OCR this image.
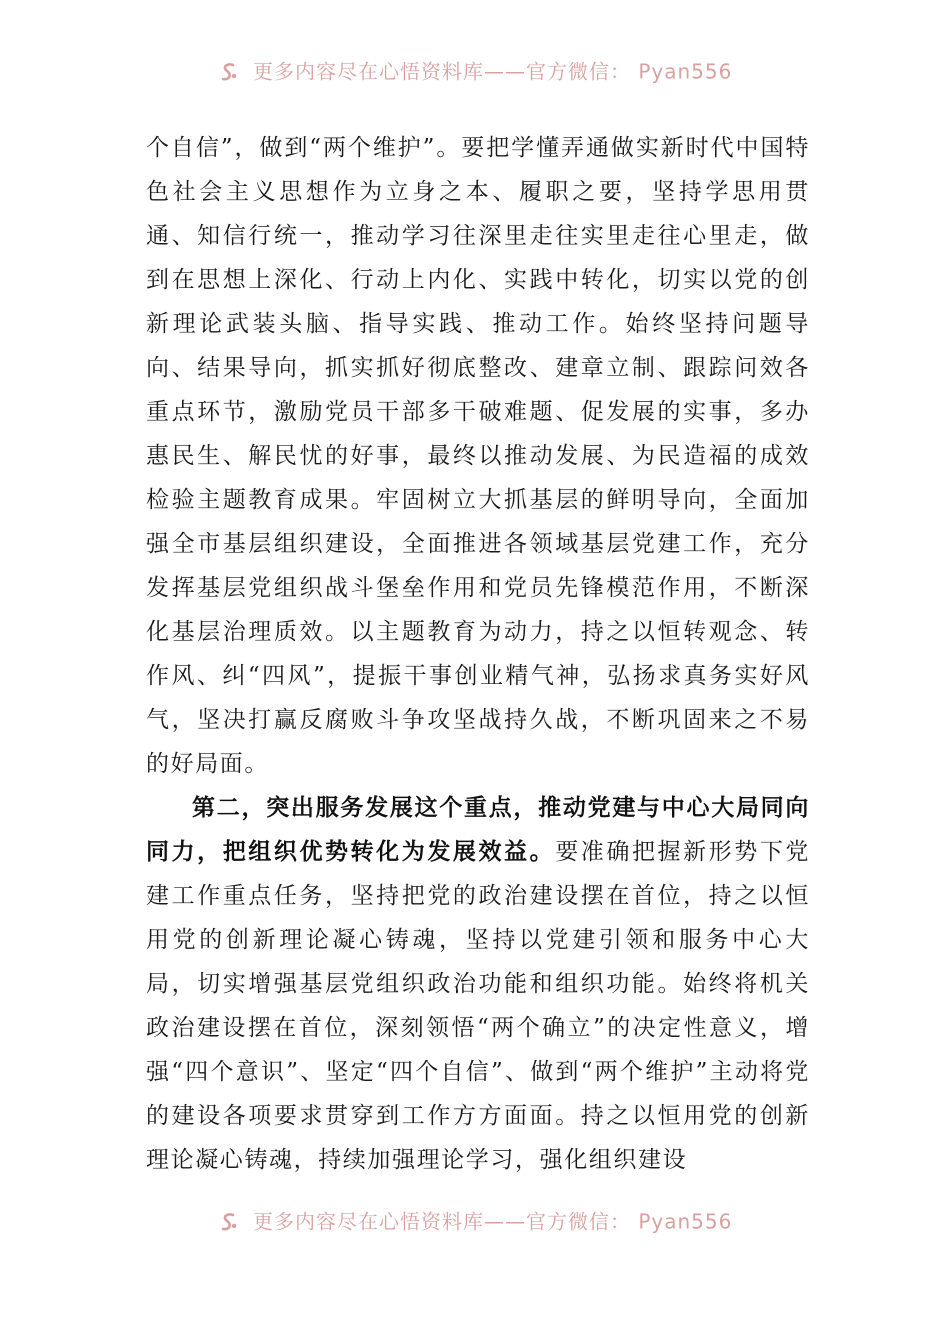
更多内容尽在心悟资料库——官方微信： Pyan556

个自信”，做到“两个维护”。要把学懂弄通做实新时代中国特色社会主义思想作为立身之本、履职之要，坚持学思用贯通、知信行统一，推动学习往深里走往实里走往心里走，做到在思想上深化、行动上内化、实践中转化，切实以党的创新理论武装头脑、指导实践、推动工作。始终坚持问题导向、结果导向，抓实抓好彻底整改、建章立制、跟踪问效各重点环节，激励党员干部多干破难题、促发展的实事，多办惠民生、解民忧的好事，最终以推动发展、为民造福的成效检验主题教育成果。牢固树立大抓基层的鲜明导向，全面加强全市基层组织建设，全面推进各领域基层党建工作，充分发挥基层党组织战斗堡垒作用和党员先锋模范作用，不断深化基层治理质效。以主题教育为动力，持之以恒转观念、转作风、纠“四风”，提振干事创业精气神，弘扬求真务实好风气，坚决打赢反腐败斗争攻坚战持久战，不断巩固来之不易的好局面。

第二，突出服务发展这个重点，推动党建与中心大局同向同力，把组织优势转化为发展效益。要准确把握新形势下党建工作重点任务，坚持把党的政治建设摆在首位，持之以恒用党的创新理论凝心铸魂，坚持以党建引领和服务中心大局，切实增强基层党组织政治功能和组织功能。始终将机关政治建设摆在首位，深刻领悟“两个确立”的决定性意义，增强“四个意识”、坚定“四个自信”、做到“两个维护”主动将党的建设各项要求贯穿到工作方方面面。持之以恒用党的创新理论凝心铸魂，持续加强理论学习，强化组织建设

更多内容尽在心悟资料库——官方微信： Pyan556
